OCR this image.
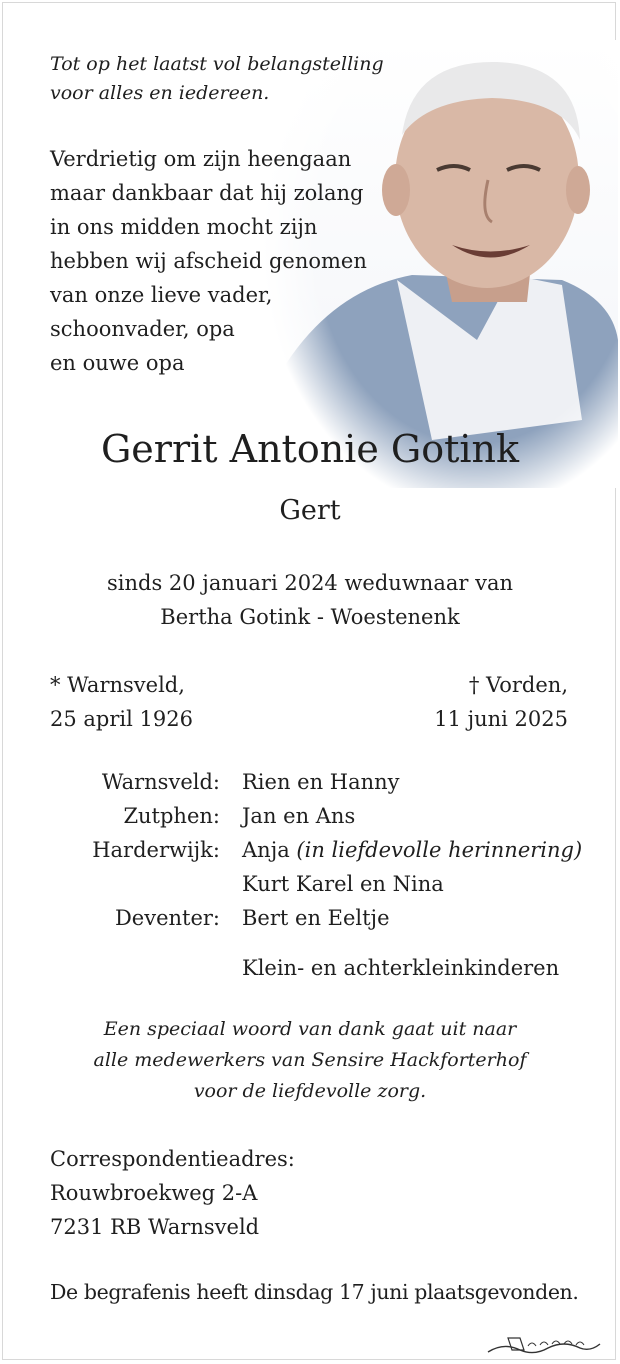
Tot op het laatst vol belangstelling
voor alles en iedereen.
Verdrietig om zijn heengaan
maar dankbaar dat hij zolang
in ons midden mocht zijn
hebben wij afscheid genomen
van onze lieve vader,
schoonvader, opa
en ouwe opa
Gerrit Antonie Gotink
Gert
sinds 20 januari 2024 weduwnaar van
Bertha Gotink - Woestenenk
* Warnsveld,
25 april 1926
† Vorden,
11 juni 2025
Warnsveld: Rien en Hanny
Zutphen: Jan en Ans
Harderwijk: Anja (in liefdevolle herinnering)
Kurt Karel en Nina
Deventer: Bert en Eeltje
Klein- en achterkleinkinderen
Een speciaal woord van dank gaat uit naar
alle medewerkers van Sensire Hackforterhof
voor de liefdevolle zorg.
Correspondentieadres:
Rouwbroekweg 2-A
7231 RB Warnsveld
De begrafenis heeft dinsdag 17 juni plaatsgevonden.
